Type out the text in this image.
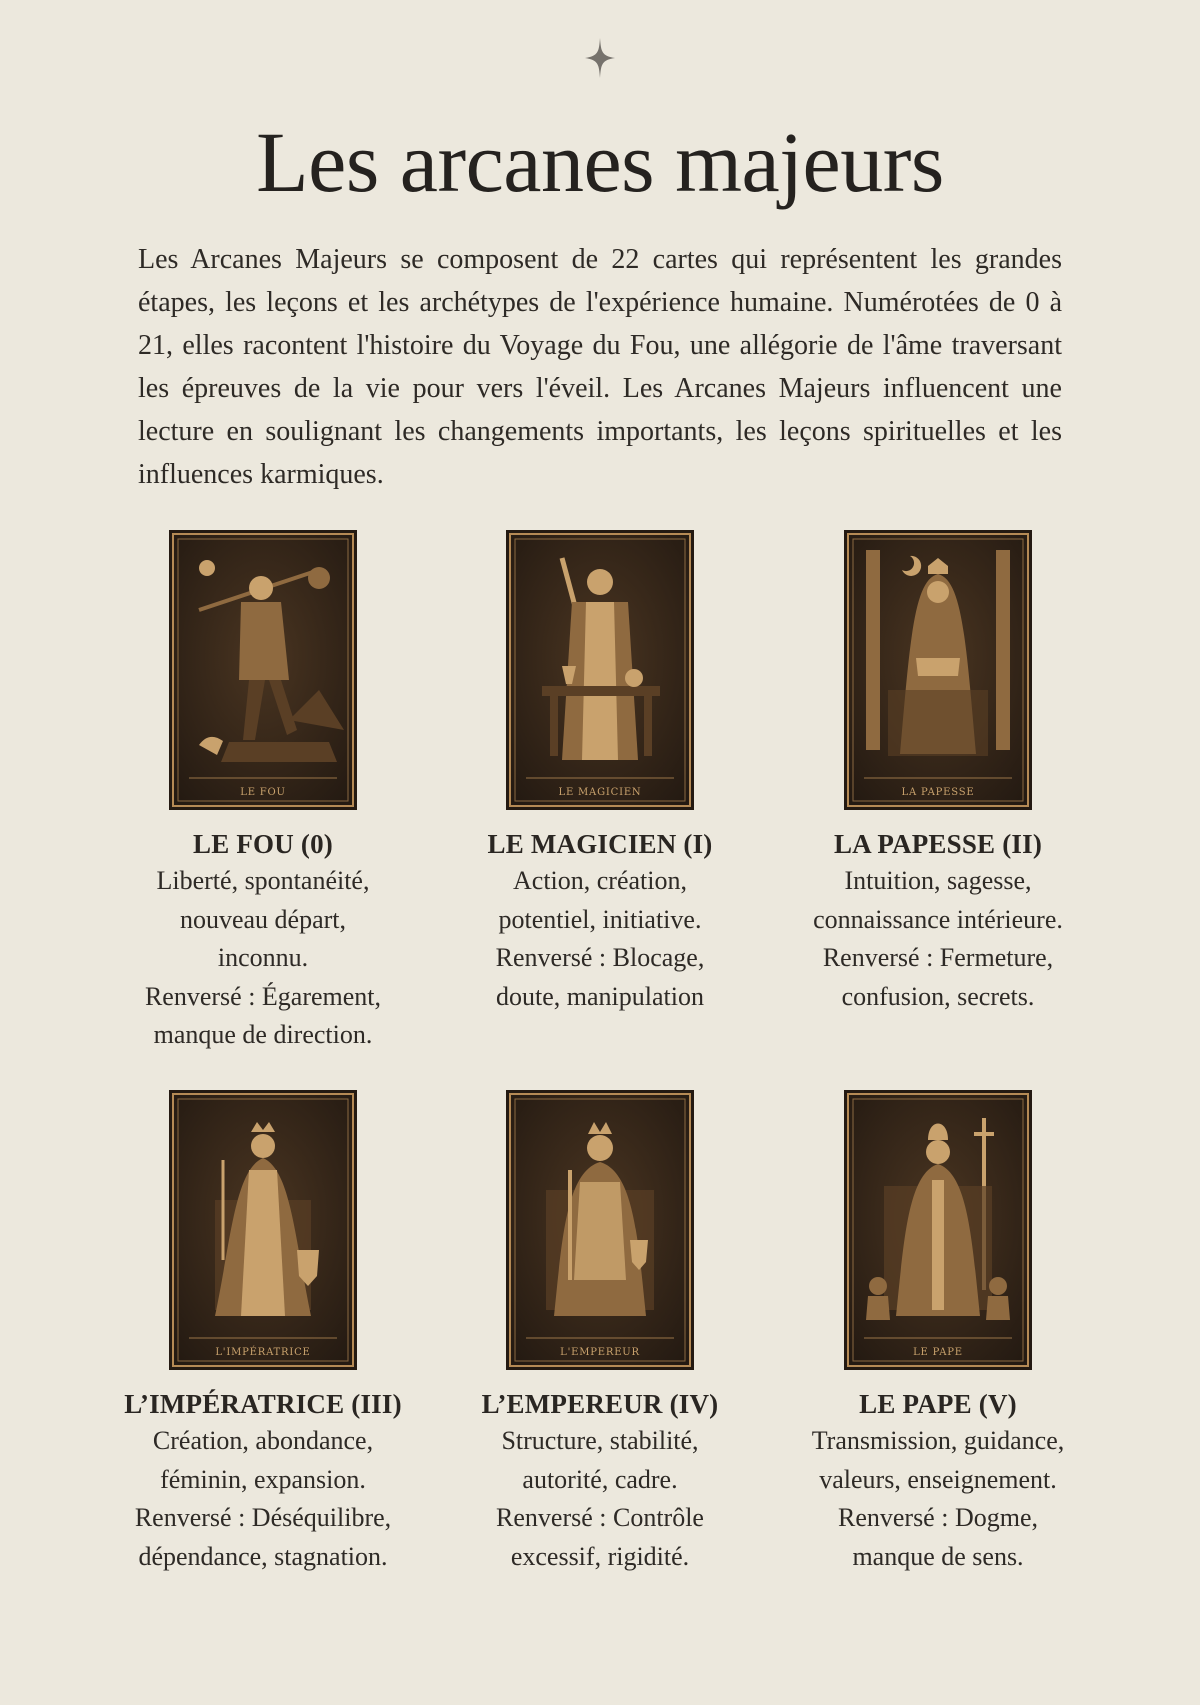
Les arcanes majeurs

Les Arcanes Majeurs se composent de 22 cartes qui représentent les grandes étapes, les leçons et les archétypes de l'expérience humaine. Numérotées de 0 à 21, elles racontent l'histoire du Voyage du Fou, une allégorie de l'âme traversant les épreuves de la vie pour vers l'éveil. Les Arcanes Majeurs influencent une lecture en soulignant les changements importants, les leçons spirituelles et les influences karmiques.

LE FOU
LE FOU (0)
Liberté, spontanéité,
nouveau départ,
inconnu.
Renversé : Égarement,
manque de direction.
LE MAGICIEN
LE MAGICIEN (I)
Action, création,
potentiel, initiative.
Renversé : Blocage,
doute, manipulation
LA PAPESSE
LA PAPESSE (II)
Intuition, sagesse,
connaissance intérieure.
Renversé : Fermeture,
confusion, secrets.
L'IMPÉRATRICE
L’IMPÉRATRICE (III)
Création, abondance,
féminin, expansion.
Renversé : Déséquilibre,
dépendance, stagnation.
L'EMPEREUR
L’EMPEREUR (IV)
Structure, stabilité,
autorité, cadre.
Renversé : Contrôle
excessif, rigidité.
LE PAPE
LE PAPE (V)
Transmission, guidance,
valeurs, enseignement.
Renversé : Dogme,
manque de sens.
